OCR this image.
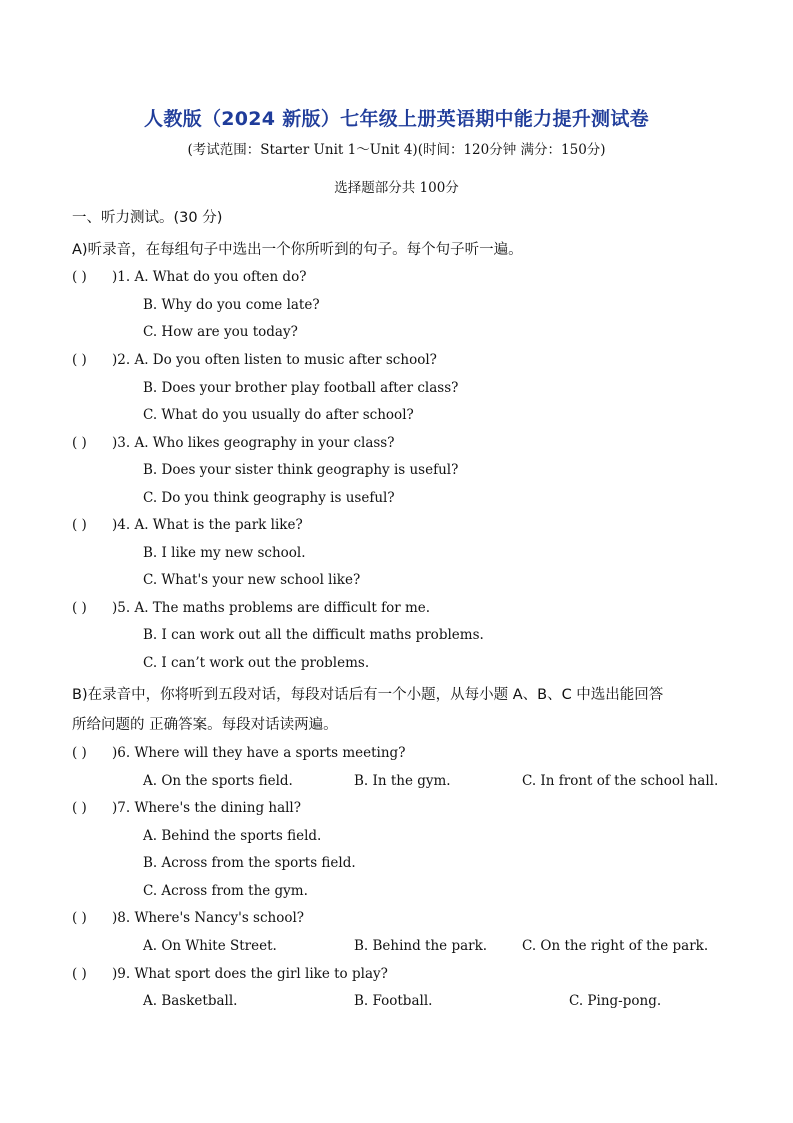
人教版（2024 新版）七年级上册英语期中能力提升测试卷
(考试范围：Starter Unit 1〜Unit 4)(时间：120分钟 满分：150分)
选择题部分共 100分
一、听力测试。(30 分)
A)听录音，在每组句子中选出一个你所听到的句子。每个句子听一遍。
( ) )1. A. What do you often do?
B. Why do you come late?
C. How are you today?
( ) )2. A. Do you often listen to music after school?
B. Does your brother play football after class?
C. What do you usually do after school?
( ) )3. A. Who likes geography in your class?
B. Does your sister think geography is useful?
C. Do you think geography is useful?
( ) )4. A. What is the park like?
B. I like my new school.
C. What's your new school like?
( ) )5. A. The maths problems are difficult for me.
B. I can work out all the difficult maths problems.
C. I can’t work out the problems.
B)在录音中，你将听到五段对话，每段对话后有一个小题，从每小题 A、B、C 中选出能回答
所给问题的 正确答案。每段对话读两遍。
( ) )6. Where will they have a sports meeting?
A. On the sports field.	B. In the gym.	C. In front of the school hall.
( ) )7. Where's the dining hall?
A. Behind the sports field.
B. Across from the sports field.
C. Across from the gym.
( ) )8. Where's Nancy's school?
A. On White Street.	B. Behind the park.	C. On the right of the park.
( ) )9. What sport does the girl like to play?
A. Basketball.	B. Football.	C. Ping-pong.
